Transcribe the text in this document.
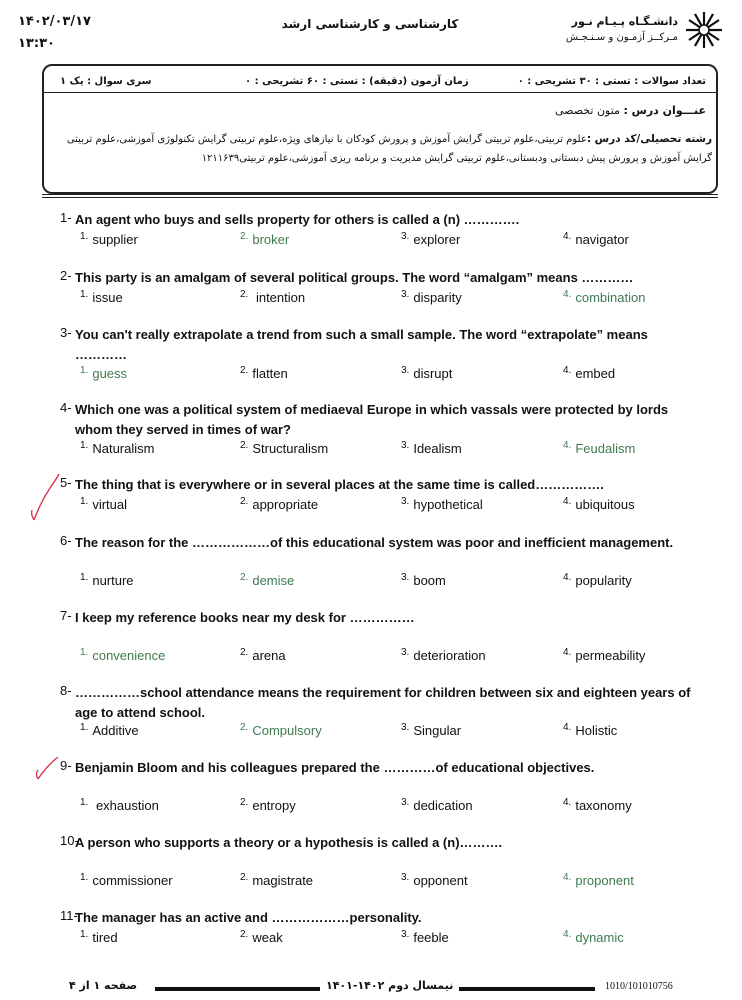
۱۴۰۲/۰۳/۱۷
۱۳:۳۰
کارشناسی و کارشناسی ارشد	دانشـگـاه پـیـام نـور
مـرکــز آزمـون و سـنـجـش
تعداد سوالات : تستی : ۳۰ تشریحی : ۰
زمان آزمون (دقیقه) : تستی : ۶۰ تشریحی : ۰
سری سوال : یک ۱
عنـــوان درس : متون تخصصی
رشته تحصیلی/کد درس :علوم تربیتی،علوم تربیتی گرایش آموزش و پرورش کودکان با نیازهای ویژه،علوم تربیتی گرایش تکنولوژی آموزشی،علوم تربیتی گرایش آموزش و پرورش پیش دبستانی ودبستانی،علوم تربیتی گرایش مدیریت و برنامه ریزی آموزشی،علوم تربیتی۱۲۱۱۶۳۹
1- An agent who buys and sells property for others is called a (n) ………….
$^{1.}$ supplier	$^{2.}$ broker	$^{3.}$ explorer	$^{4.}$ navigator
2- This party is an amalgam of several political groups. The word “amalgam” means …………
$^{1.}$ issue	$^{2.}$ intention	$^{3.}$ disparity	$^{4.}$ combination
3- You can't really extrapolate a trend from such a small sample. The word “extrapolate” means …………
$^{1.}$ guess	$^{2.}$ flatten	$^{3.}$ disrupt	$^{4.}$ embed
4- Which one was a political system of mediaeval Europe in which vassals were protected by lords whom they served in times of war?
$^{1.}$ Naturalism	$^{2.}$ Structuralism	$^{3.}$ Idealism	$^{4.}$ Feudalism
5- The thing that is everywhere or in several places at the same time is called…………….
$^{1.}$ virtual	$^{2.}$ appropriate	$^{3.}$ hypothetical	$^{4.}$ ubiquitous
6- The reason for the ………………of this educational system was poor and inefficient management.
$^{1.}$ nurture	$^{2.}$ demise	$^{3.}$ boom	$^{4.}$ popularity
7- I keep my reference books near my desk for ……………
$^{1.}$ convenience	$^{2.}$ arena	$^{3.}$ deterioration	$^{4.}$ permeability
8- ……………school attendance means the requirement for children between six and eighteen years of age to attend school.
$^{1.}$ Additive	$^{2.}$ Compulsory	$^{3.}$ Singular	$^{4.}$ Holistic
9- Benjamin Bloom and his colleagues prepared the …………of educational objectives.
$^{1.}$ exhaustion	$^{2.}$ entropy	$^{3.}$ dedication	$^{4.}$ taxonomy
10-
A person who supports a theory or a hypothesis is called a (n)……….
$^{1.}$ commissioner	$^{2.}$ magistrate	$^{3.}$ opponent	$^{4.}$ proponent
11-
The manager has an active and ………………personality.
$^{1.}$ tired	$^{2.}$ weak	$^{3.}$ feeble	$^{4.}$ dynamic
صفحه ۱ از ۴	نیمسال دوم ۱۴۰۲-۱۴۰۱	1010/101010756
